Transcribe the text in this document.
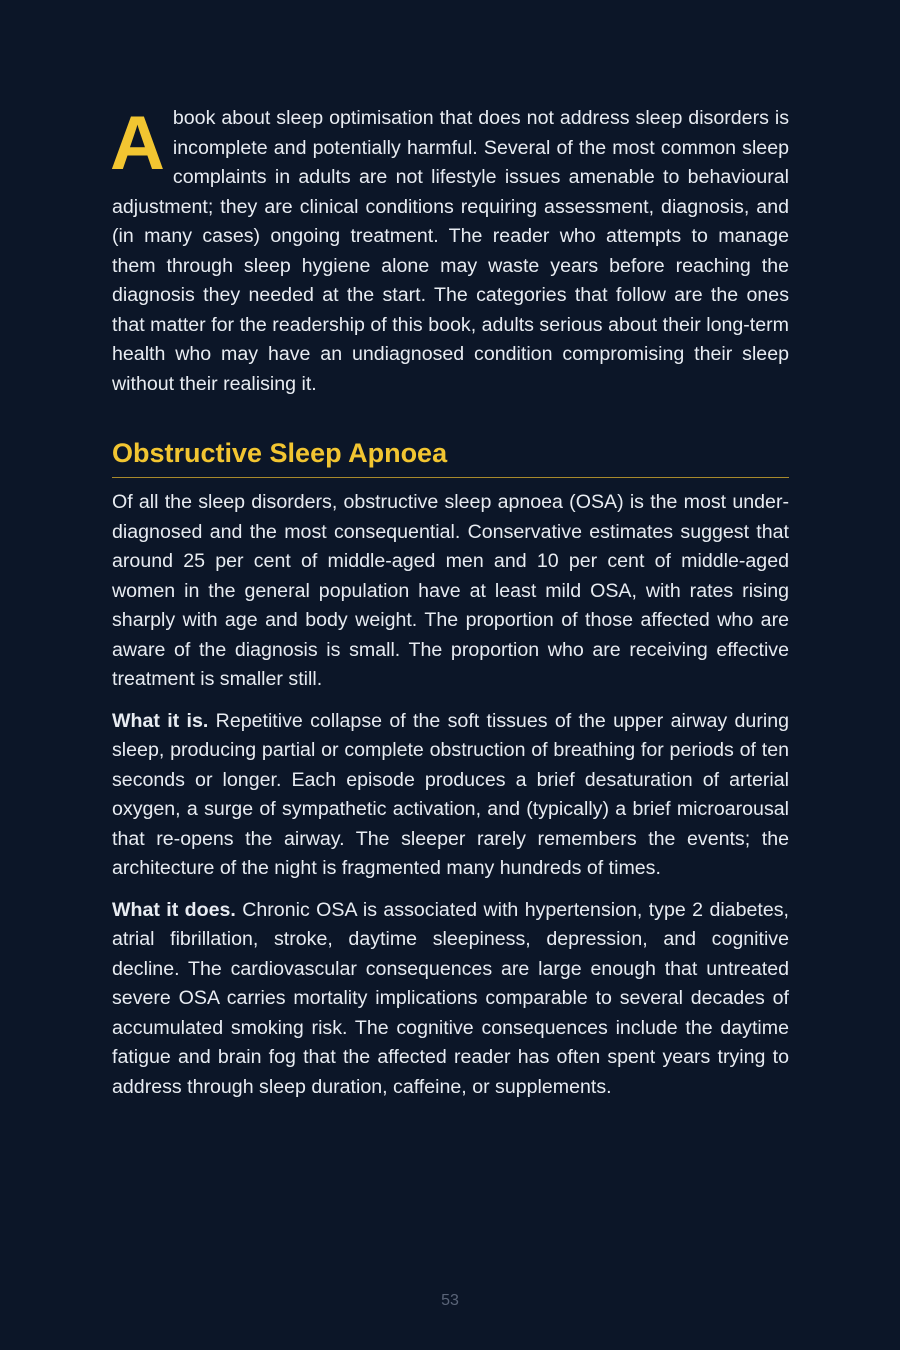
A book about sleep optimisation that does not address sleep disorders is incomplete and potentially harmful. Several of the most common sleep complaints in adults are not lifestyle issues amenable to behavioural adjustment; they are clinical conditions requiring assessment, diagnosis, and (in many cases) ongoing treatment. The reader who attempts to manage them through sleep hygiene alone may waste years before reaching the diagnosis they needed at the start. The categories that follow are the ones that matter for the readership of this book, adults serious about their long-term health who may have an undiagnosed condition compromising their sleep without their realising it.

Obstructive Sleep Apnoea

Of all the sleep disorders, obstructive sleep apnoea (OSA) is the most under-diagnosed and the most consequential. Conservative estimates suggest that around 25 per cent of middle-aged men and 10 per cent of middle-aged women in the general population have at least mild OSA, with rates rising sharply with age and body weight. The proportion of those affected who are aware of the diagnosis is small. The proportion who are receiving effective treatment is smaller still.

What it is. Repetitive collapse of the soft tissues of the upper airway during sleep, producing partial or complete obstruction of breathing for periods of ten seconds or longer. Each episode produces a brief desaturation of arterial oxygen, a surge of sympathetic activation, and (typically) a brief microarousal that re-opens the airway. The sleeper rarely remembers the events; the architecture of the night is fragmented many hundreds of times.

What it does. Chronic OSA is associated with hypertension, type 2 diabetes, atrial fibrillation, stroke, daytime sleepiness, depression, and cognitive decline. The cardiovascular consequences are large enough that untreated severe OSA carries mortality implications comparable to several decades of accumulated smoking risk. The cognitive consequences include the daytime fatigue and brain fog that the affected reader has often spent years trying to address through sleep duration, caffeine, or supplements.

53
